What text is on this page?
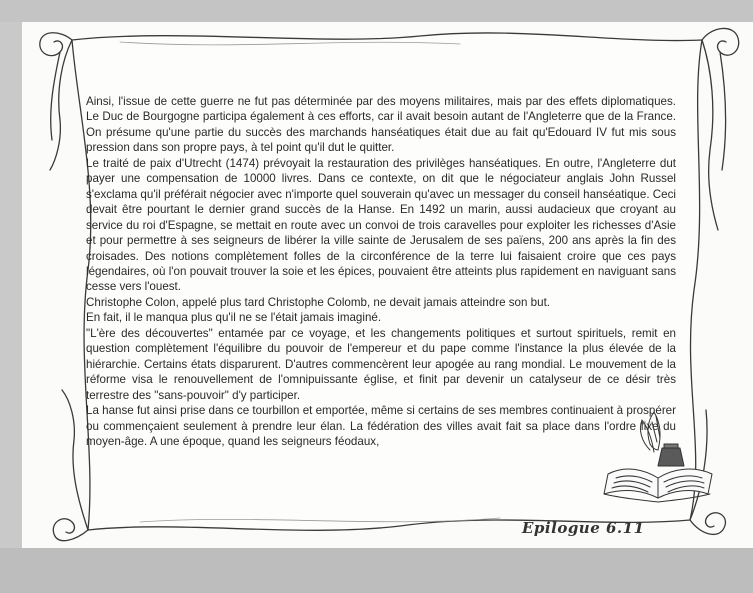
Ainsi, l'issue de cette guerre ne fut pas déterminée par des moyens militaires, mais par des effets diplomatiques. Le Duc de Bourgogne participa également à ces efforts, car il avait besoin autant de l'Angleterre que de la France. On présume qu'une partie du succès des marchands hanséatiques était due au fait qu'Edouard IV fut mis sous pression dans son propre pays, à tel point qu'il dut le quitter.

Le traité de paix d'Utrecht (1474) prévoyait la restauration des privilèges hanséatiques. En outre, l'Angleterre dut payer une compensation de 10000 livres. Dans ce contexte, on dit que le négociateur anglais John Russel s'exclama qu'il préférait négocier avec n'importe quel souverain qu'avec un messager du conseil hanséatique. Ceci devait être pourtant le dernier grand succès de la Hanse. En 1492 un marin, aussi audacieux que croyant au service du roi d'Espagne, se mettait en route avec un convoi de trois caravelles pour exploiter les richesses d'Asie et pour permettre à ses seigneurs de libérer la ville sainte de Jerusalem de ses païens, 200 ans après la fin des croisades. Des notions complètement folles de la circonférence de la terre lui faisaient croire que ces pays légendaires, où l'on pouvait trouver la soie et les épices, pouvaient être atteints plus rapidement en naviguant sans cesse vers l'ouest.

Christophe Colon, appelé plus tard Christophe Colomb, ne devait jamais atteindre son but.

En fait, il le manqua plus qu'il ne se l'était jamais imaginé.

"L'ère des découvertes" entamée par ce voyage, et les changements politiques et surtout spirituels, remit en question complètement l'équilibre du pouvoir de l'empereur et du pape comme l'instance la plus élevée de la hiérarchie. Certains états disparurent. D'autres commencèrent leur apogée au rang mondial. Le mouvement de la réforme visa le renouvellement de l'omnipuissante église, et finit par devenir un catalyseur de ce désir très terrestre des "sans-pouvoir" d'y participer.

La hanse fut ainsi prise dans ce tourbillon et emportée, même si certains de ses membres continuaient à prospérer ou commençaient seulement à prendre leur élan. La fédération des villes avait fait sa place dans l'ordre fixe du moyen-âge. A une époque, quand les seigneurs féodaux,

Epilogue 6.11
